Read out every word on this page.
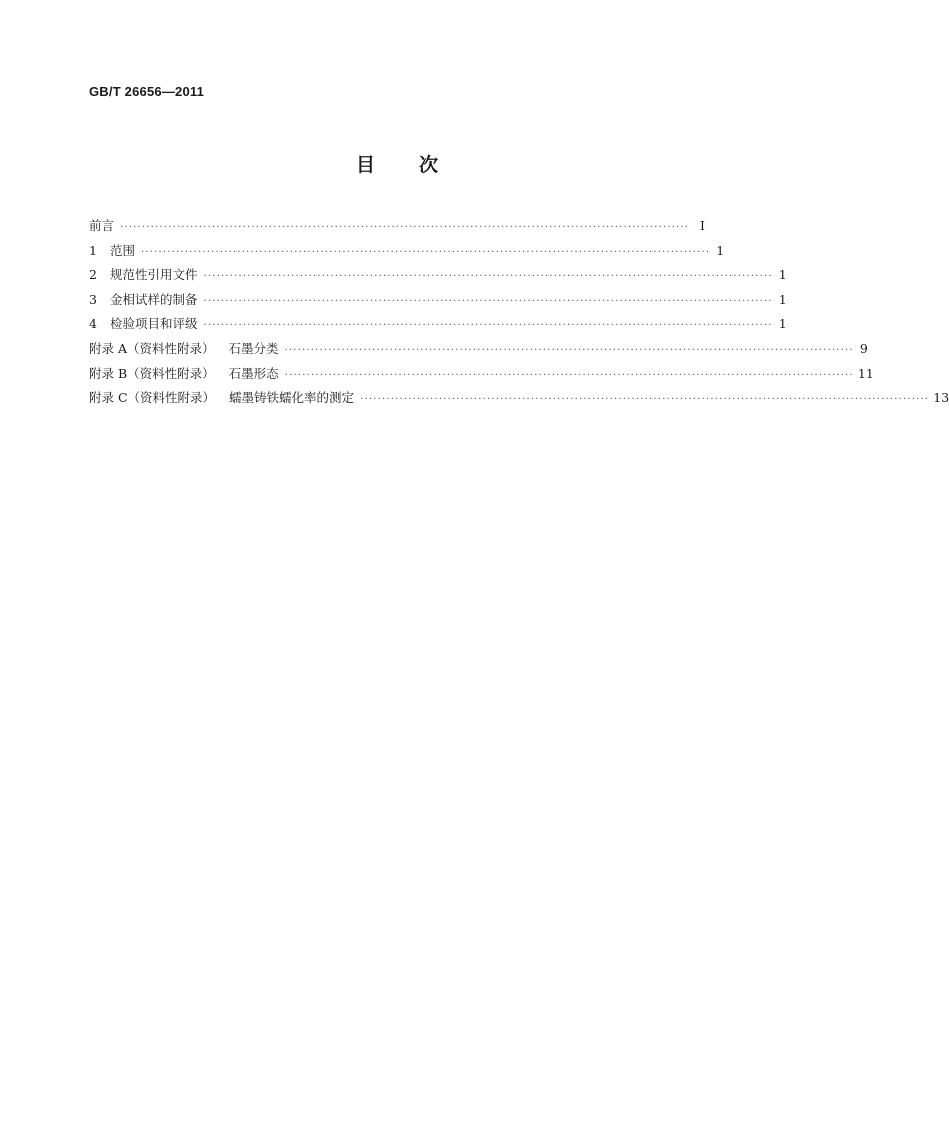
GB/T 26656—2011
目 次
前言 ·································································································································· Ⅰ
1 范围 ·································································································································· 1
2 规范性引用文件 ·································································································································· 1
3 金相试样的制备 ·································································································································· 1
4 检验项目和评级 ·································································································································· 1
附录 A（资料性附录） 石墨分类 ·································································································································· 9
附录 B（资料性附录） 石墨形态 ·································································································································· 11
附录 C（资料性附录） 蠕墨铸铁蠕化率的测定 ·································································································································· 13
